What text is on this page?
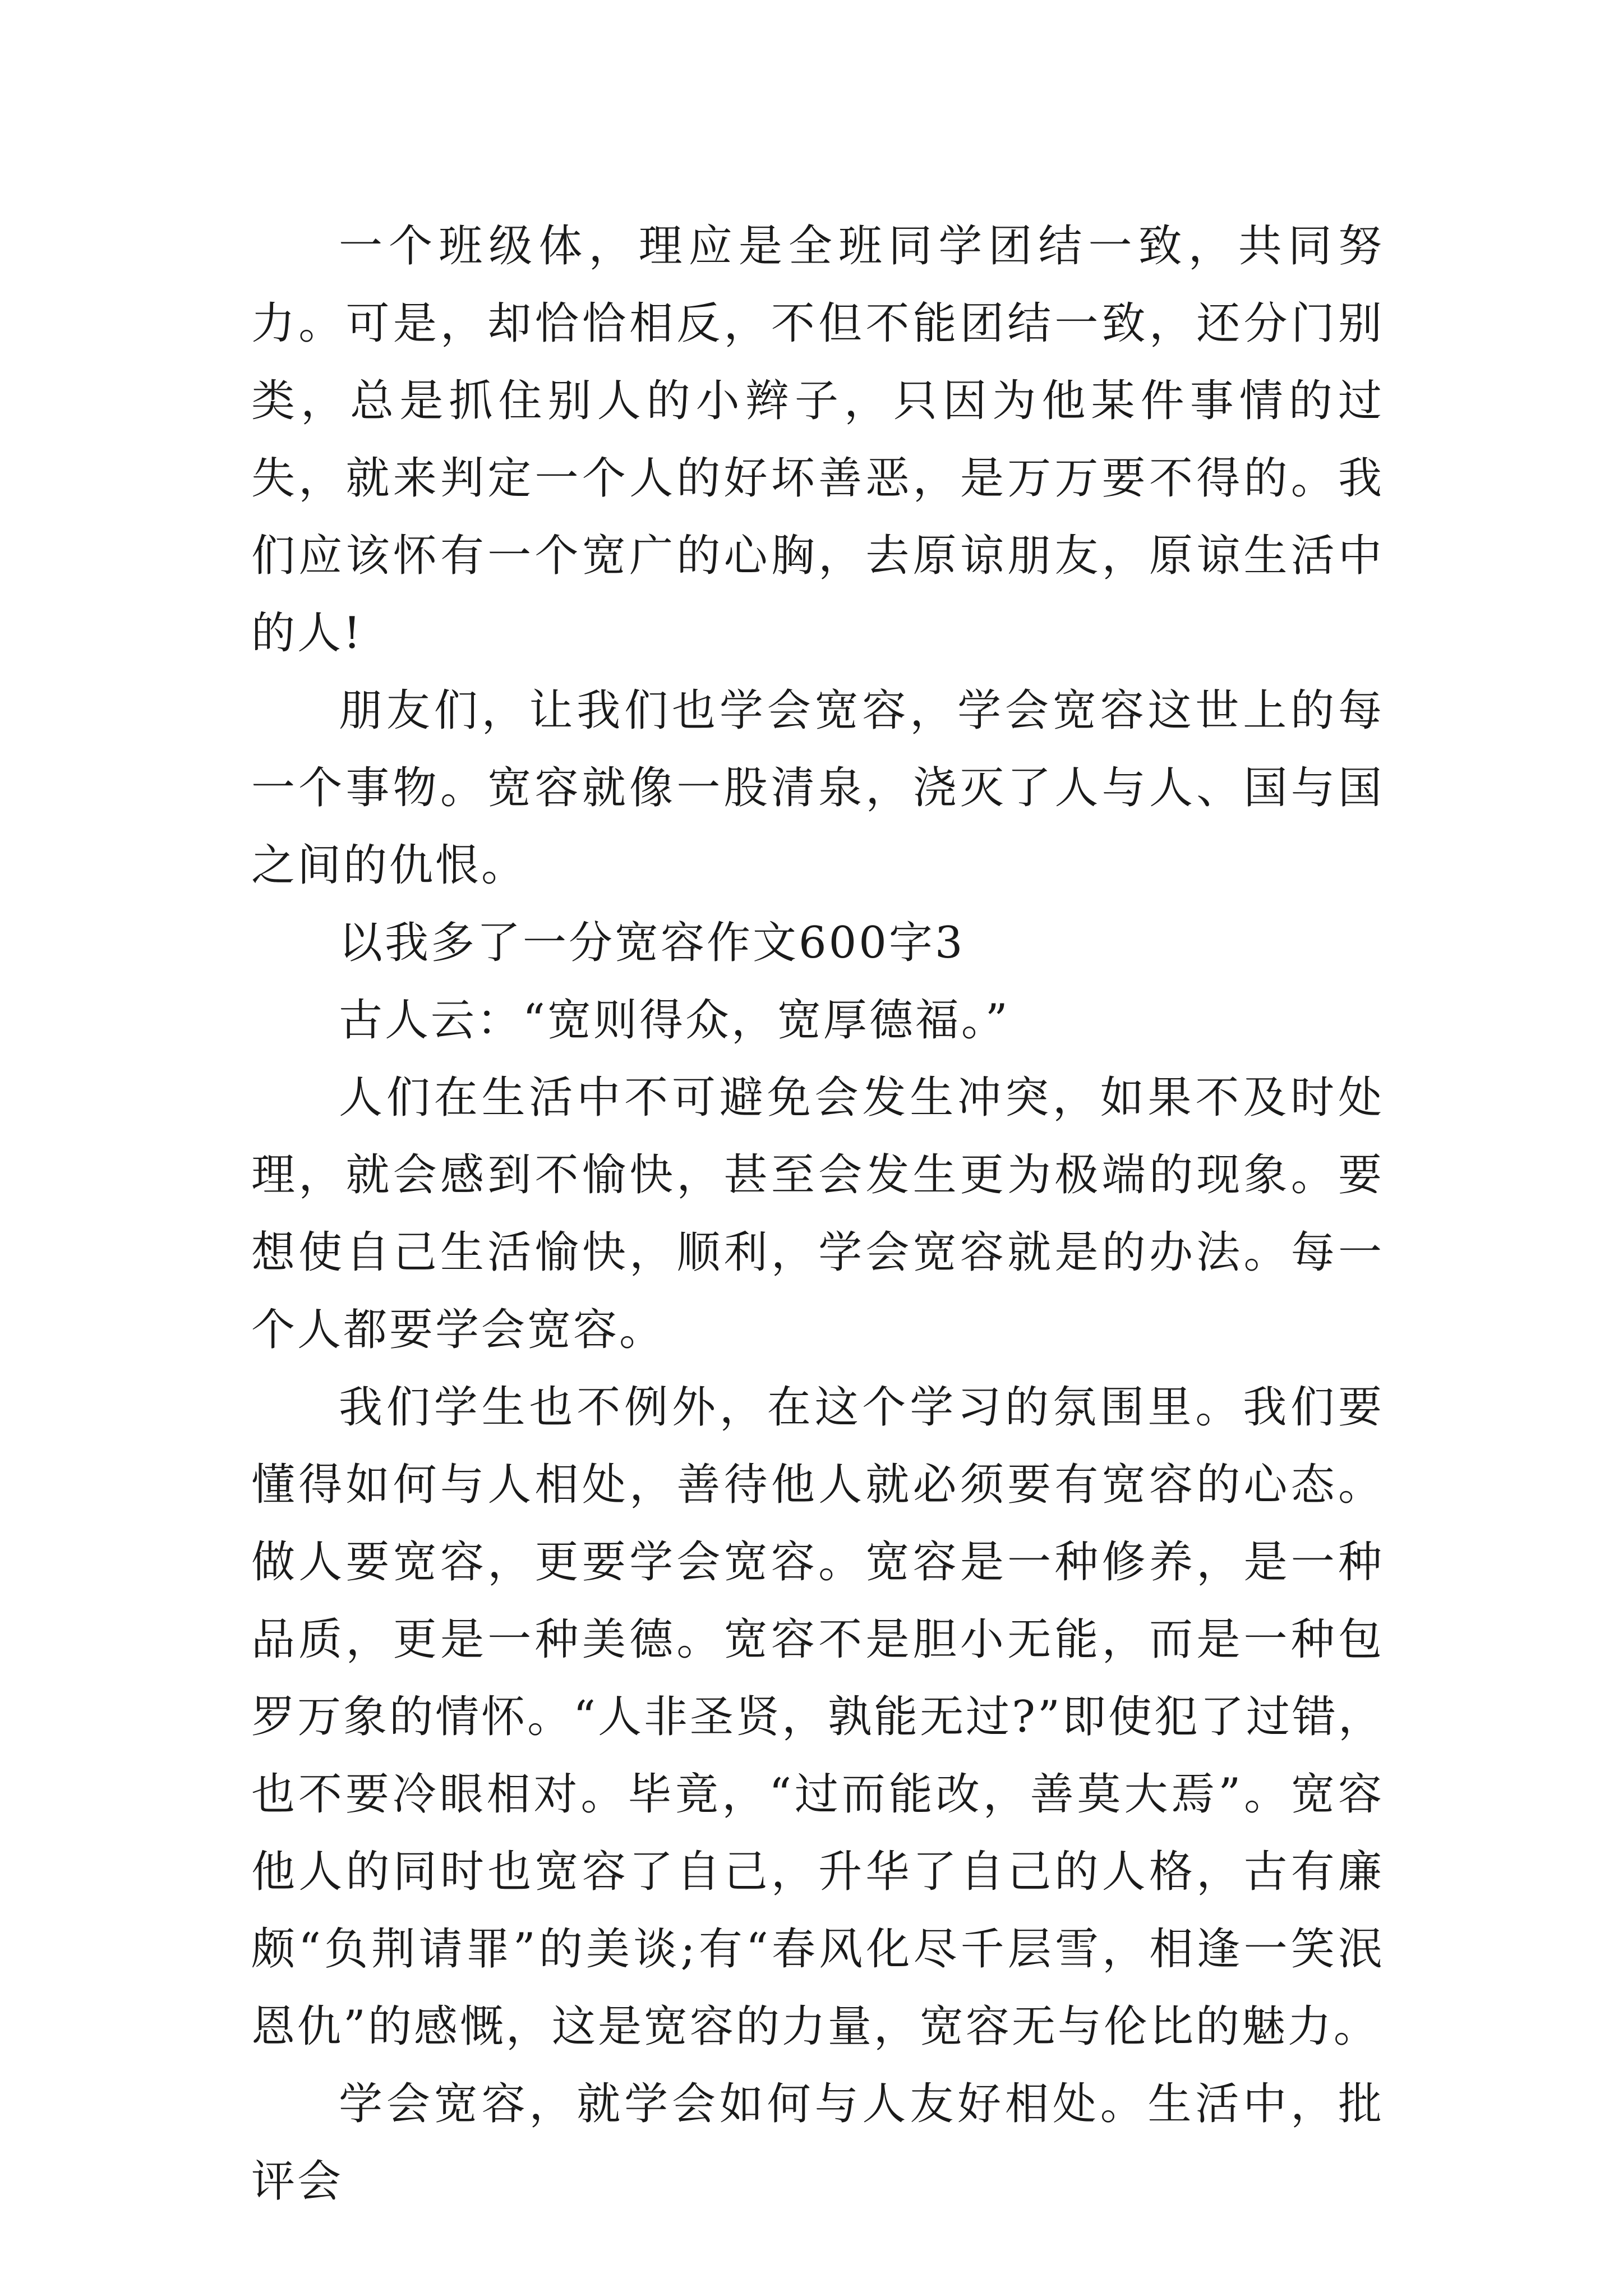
一个班级体，理应是全班同学团结一致，共同努力。可是，却恰恰相反，不但不能团结一致，还分门别类，总是抓住别人的小辫子，只因为他某件事情的过失，就来判定一个人的好坏善恶，是万万要不得的。我们应该怀有一个宽广的心胸，去原谅朋友，原谅生活中的人!

朋友们，让我们也学会宽容，学会宽容这世上的每一个事物。宽容就像一股清泉，浇灭了人与人、国与国之间的仇恨。

以我多了一分宽容作文600字3

古人云：“宽则得众，宽厚德福。”

人们在生活中不可避免会发生冲突，如果不及时处理，就会感到不愉快，甚至会发生更为极端的现象。要想使自己生活愉快，顺利，学会宽容就是的办法。每一个人都要学会宽容。

我们学生也不例外，在这个学习的氛围里。我们要懂得如何与人相处，善待他人就必须要有宽容的心态。做人要宽容，更要学会宽容。宽容是一种修养，是一种品质，更是一种美德。宽容不是胆小无能，而是一种包罗万象的情怀。“人非圣贤，孰能无过?”即使犯了过错，也不要冷眼相对。毕竟，“过而能改，善莫大焉”。宽容他人的同时也宽容了自己，升华了自己的人格，古有廉颇“负荆请罪”的美谈;有“春风化尽千层雪，相逢一笑泯恩仇”的感慨，这是宽容的力量，宽容无与伦比的魅力。

学会宽容，就学会如何与人友好相处。生活中，批评会
